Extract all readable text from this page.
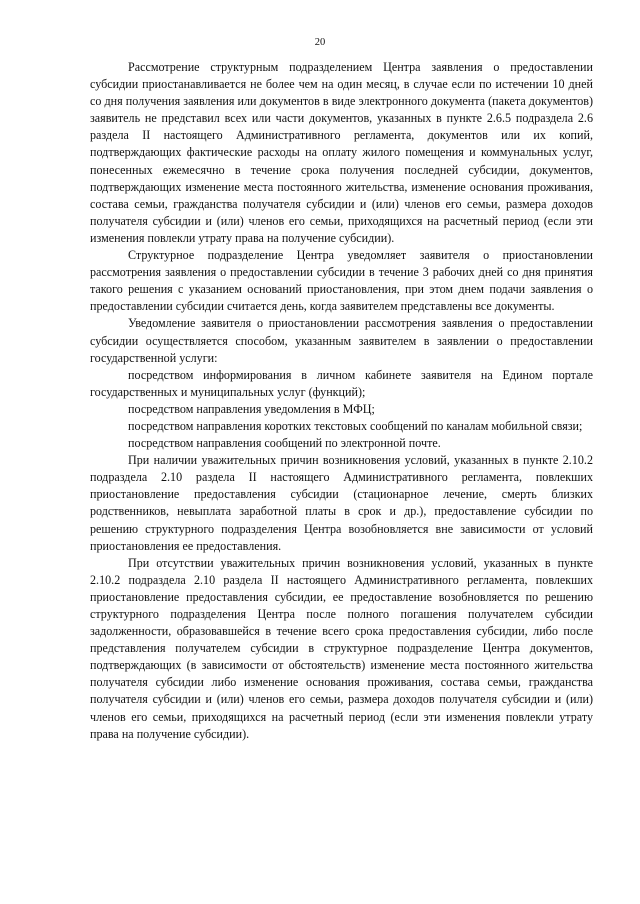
20

Рассмотрение структурным подразделением Центра заявления о предоставлении субсидии приостанавливается не более чем на один месяц, в случае если по истечении 10 дней со дня получения заявления или документов в виде электронного документа (пакета документов) заявитель не представил всех или части документов, указанных в пункте 2.6.5 подраздела 2.6 раздела II настоящего Административного регламента, документов или их копий, подтверждающих фактические расходы на оплату жилого помещения и коммунальных услуг, понесенных ежемесячно в течение срока получения последней субсидии, документов, подтверждающих изменение места постоянного жительства, изменение основания проживания, состава семьи, гражданства получателя субсидии и (или) членов его семьи, размера доходов получателя субсидии и (или) членов его семьи, приходящихся на расчетный период (если эти изменения повлекли утрату права на получение субсидии).

Структурное подразделение Центра уведомляет заявителя о приостановлении рассмотрения заявления о предоставлении субсидии в течение 3 рабочих дней со дня принятия такого решения с указанием оснований приостановления, при этом днем подачи заявления о предоставлении субсидии считается день, когда заявителем представлены все документы.

Уведомление заявителя о приостановлении рассмотрения заявления о предоставлении субсидии осуществляется способом, указанным заявителем в заявлении о предоставлении государственной услуги:

посредством информирования в личном кабинете заявителя на Едином портале государственных и муниципальных услуг (функций);

посредством направления уведомления в МФЦ;

посредством направления коротких текстовых сообщений по каналам мобильной связи;

посредством направления сообщений по электронной почте.

При наличии уважительных причин возникновения условий, указанных в пункте 2.10.2 подраздела 2.10 раздела II настоящего Административного регламента, повлекших приостановление предоставления субсидии (стационарное лечение, смерть близких родственников, невыплата заработной платы в срок и др.), предоставление субсидии по решению структурного подразделения Центра возобновляется вне зависимости от условий приостановления ее предоставления.

При отсутствии уважительных причин возникновения условий, указанных в пункте 2.10.2 подраздела 2.10 раздела II настоящего Административного регламента, повлекших приостановление предоставления субсидии, ее предоставление возобновляется по решению структурного подразделения Центра после полного погашения получателем субсидии задолженности, образовавшейся в течение всего срока предоставления субсидии, либо после представления получателем субсидии в структурное подразделение Центра документов, подтверждающих (в зависимости от обстоятельств) изменение места постоянного жительства получателя субсидии либо изменение основания проживания, состава семьи, гражданства получателя субсидии и (или) членов его семьи, размера доходов получателя субсидии и (или) членов его семьи, приходящихся на расчетный период (если эти изменения повлекли утрату права на получение субсидии).
